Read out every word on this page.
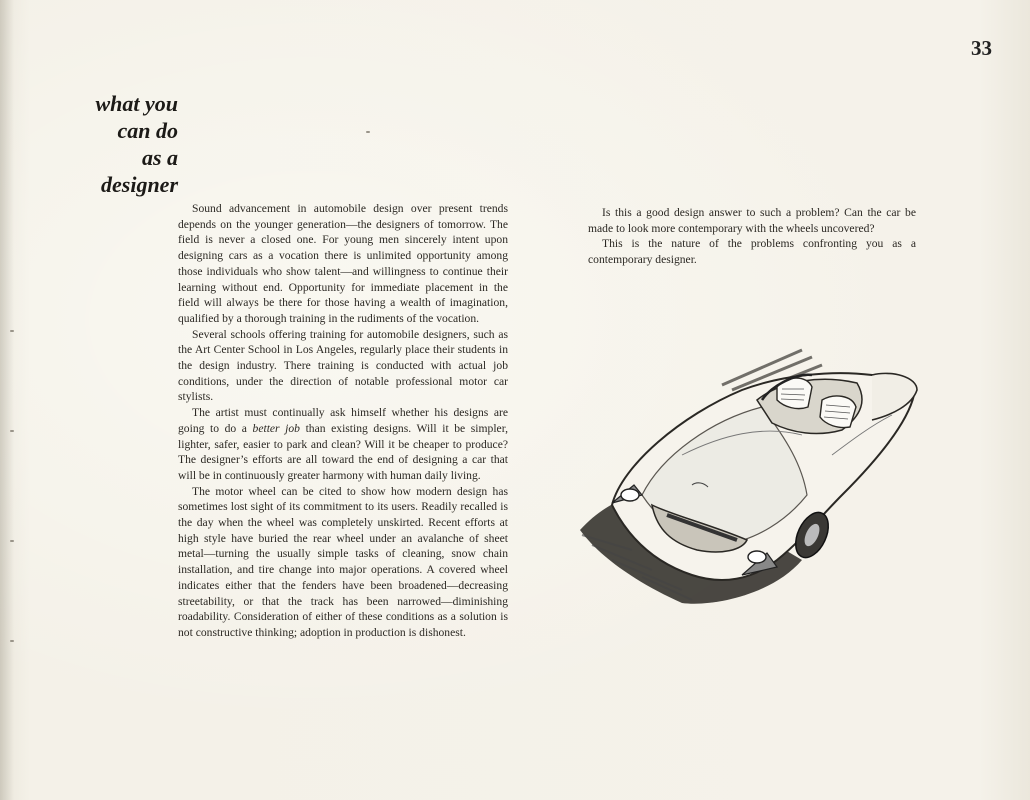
33
what you
can do
as a
designer

Sound advancement in automobile design over present trends depends on the younger generation—the designers of tomorrow. The field is never a closed one. For young men sincerely intent upon designing cars as a vocation there is unlimited opportunity among those individuals who show talent—and willingness to continue their learning without end. Opportunity for immediate placement in the field will always be there for those having a wealth of imagination, qualified by a thorough training in the rudiments of the vocation.

Several schools offering training for automobile designers, such as the Art Center School in Los Angeles, regularly place their students in the design industry. There training is conducted with actual job conditions, under the direction of notable professional motor car stylists.

The artist must continually ask himself whether his designs are going to do a better job than existing designs. Will it be simpler, lighter, safer, easier to park and clean? Will it be cheaper to produce? The designer’s efforts are all toward the end of designing a car that will be in continuously greater harmony with human daily living.

The motor wheel can be cited to show how modern design has sometimes lost sight of its commitment to its users. Readily recalled is the day when the wheel was completely unskirted. Recent efforts at high style have buried the rear wheel under an avalanche of sheet metal—turning the usually simple tasks of cleaning, snow chain installation, and tire change into major operations. A covered wheel indicates either that the fenders have been broadened—decreasing streetability, or that the track has been narrowed—diminishing roadability. Consideration of either of these conditions as a solution is not constructive thinking; adoption in production is dishonest.

Is this a good design answer to such a problem? Can the car be made to look more contemporary with the wheels uncovered?

This is the nature of the problems confronting you as a contemporary designer.
